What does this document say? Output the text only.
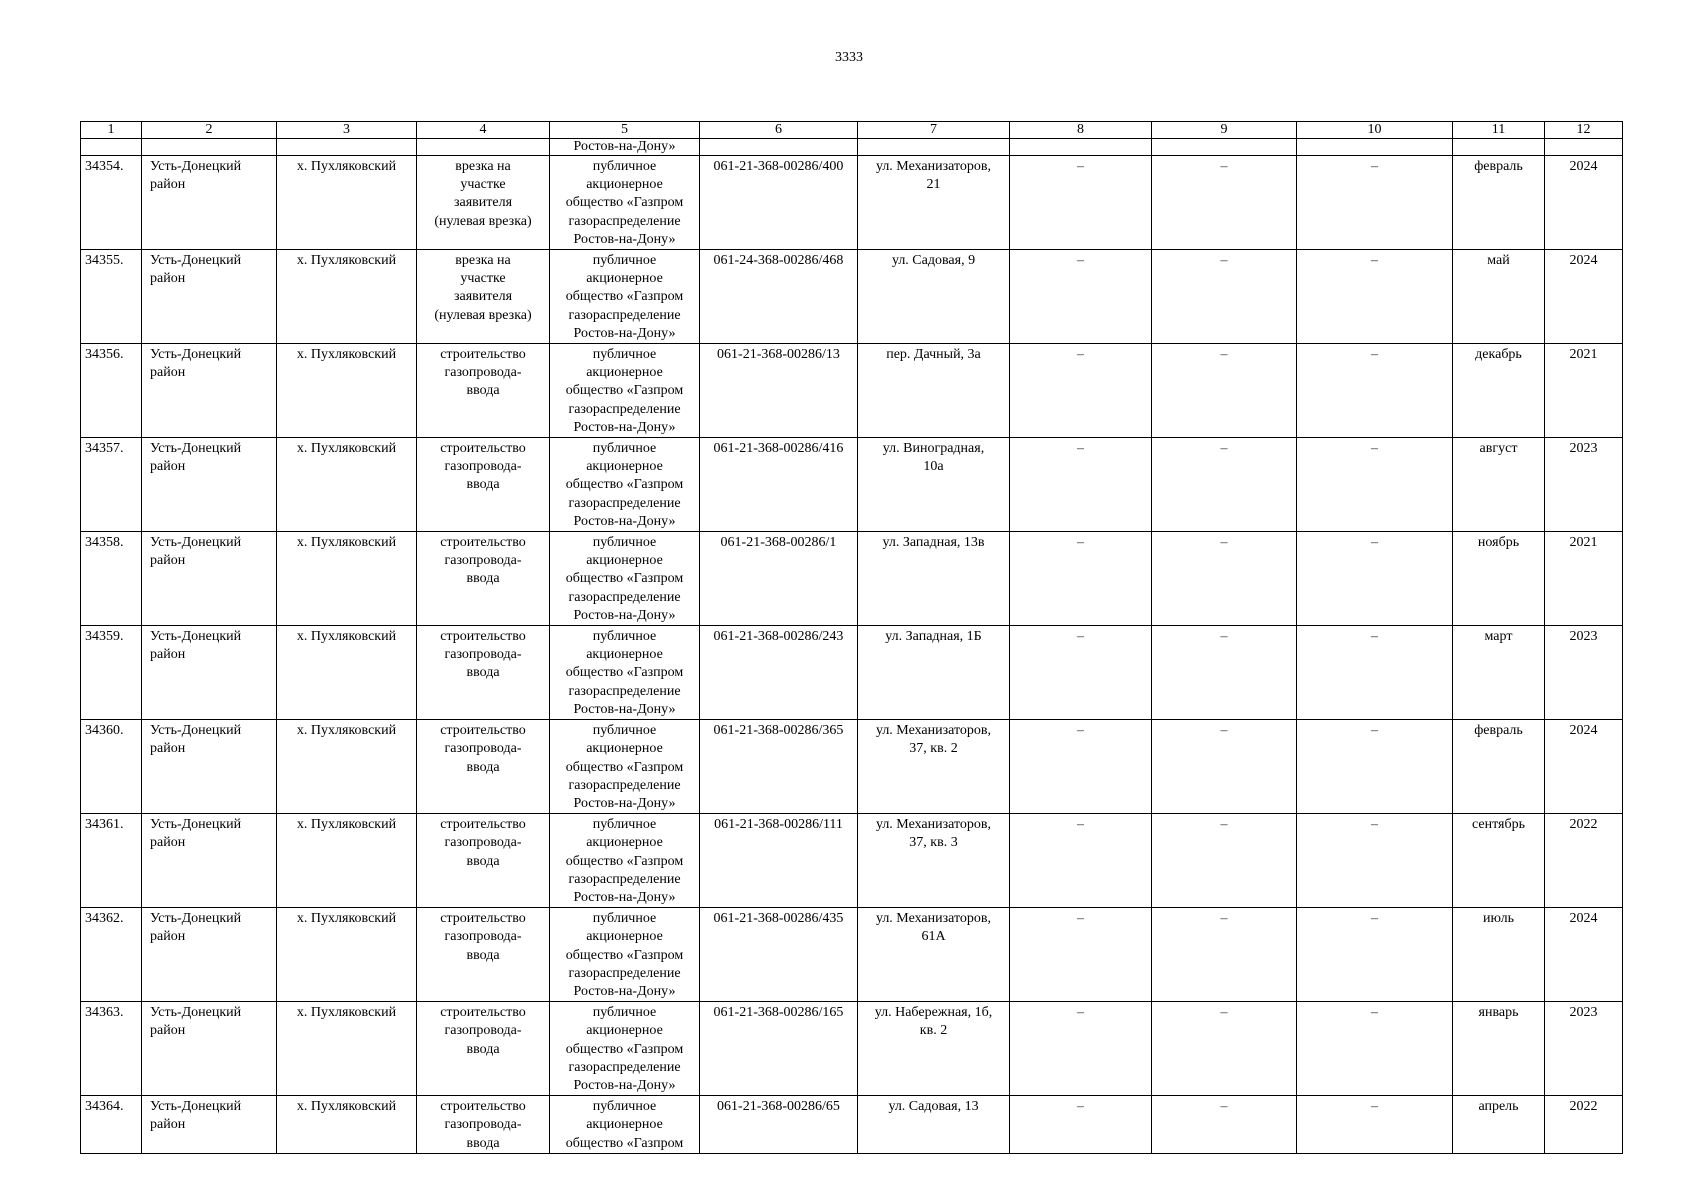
3333
1	2	3	4	5	6	7	8	9	10	11	12
				Ростов-на-Дону»							
34354.	Усть-Донецкий
район	х. Пухляковский	врезка на
участке
заявителя
(нулевая врезка)	публичное
акционерное
общество «Газпром
газораспределение
Ростов-на-Дону»	061-21-368-00286/400	ул. Механизаторов,
21	–	–	–	февраль	2024
34355.	Усть-Донецкий
район	х. Пухляковский	врезка на
участке
заявителя
(нулевая врезка)	публичное
акционерное
общество «Газпром
газораспределение
Ростов-на-Дону»	061-24-368-00286/468	ул. Садовая, 9	–	–	–	май	2024
34356.	Усть-Донецкий
район	х. Пухляковский	строительство
газопровода-
ввода	публичное
акционерное
общество «Газпром
газораспределение
Ростов-на-Дону»	061-21-368-00286/13	пер. Дачный, 3а	–	–	–	декабрь	2021
34357.	Усть-Донецкий
район	х. Пухляковский	строительство
газопровода-
ввода	публичное
акционерное
общество «Газпром
газораспределение
Ростов-на-Дону»	061-21-368-00286/416	ул. Виноградная,
10а	–	–	–	август	2023
34358.	Усть-Донецкий
район	х. Пухляковский	строительство
газопровода-
ввода	публичное
акционерное
общество «Газпром
газораспределение
Ростов-на-Дону»	061-21-368-00286/1	ул. Западная, 13в	–	–	–	ноябрь	2021
34359.	Усть-Донецкий
район	х. Пухляковский	строительство
газопровода-
ввода	публичное
акционерное
общество «Газпром
газораспределение
Ростов-на-Дону»	061-21-368-00286/243	ул. Западная, 1Б	–	–	–	март	2023
34360.	Усть-Донецкий
район	х. Пухляковский	строительство
газопровода-
ввода	публичное
акционерное
общество «Газпром
газораспределение
Ростов-на-Дону»	061-21-368-00286/365	ул. Механизаторов,
37, кв. 2	–	–	–	февраль	2024
34361.	Усть-Донецкий
район	х. Пухляковский	строительство
газопровода-
ввода	публичное
акционерное
общество «Газпром
газораспределение
Ростов-на-Дону»	061-21-368-00286/111	ул. Механизаторов,
37, кв. 3	–	–	–	сентябрь	2022
34362.	Усть-Донецкий
район	х. Пухляковский	строительство
газопровода-
ввода	публичное
акционерное
общество «Газпром
газораспределение
Ростов-на-Дону»	061-21-368-00286/435	ул. Механизаторов,
61А	–	–	–	июль	2024
34363.	Усть-Донецкий
район	х. Пухляковский	строительство
газопровода-
ввода	публичное
акционерное
общество «Газпром
газораспределение
Ростов-на-Дону»	061-21-368-00286/165	ул. Набережная, 1б,
кв. 2	–	–	–	январь	2023
34364.	Усть-Донецкий
район	х. Пухляковский	строительство
газопровода-
ввода	публичное
акционерное
общество «Газпром	061-21-368-00286/65	ул. Садовая, 13	–	–	–	апрель	2022
